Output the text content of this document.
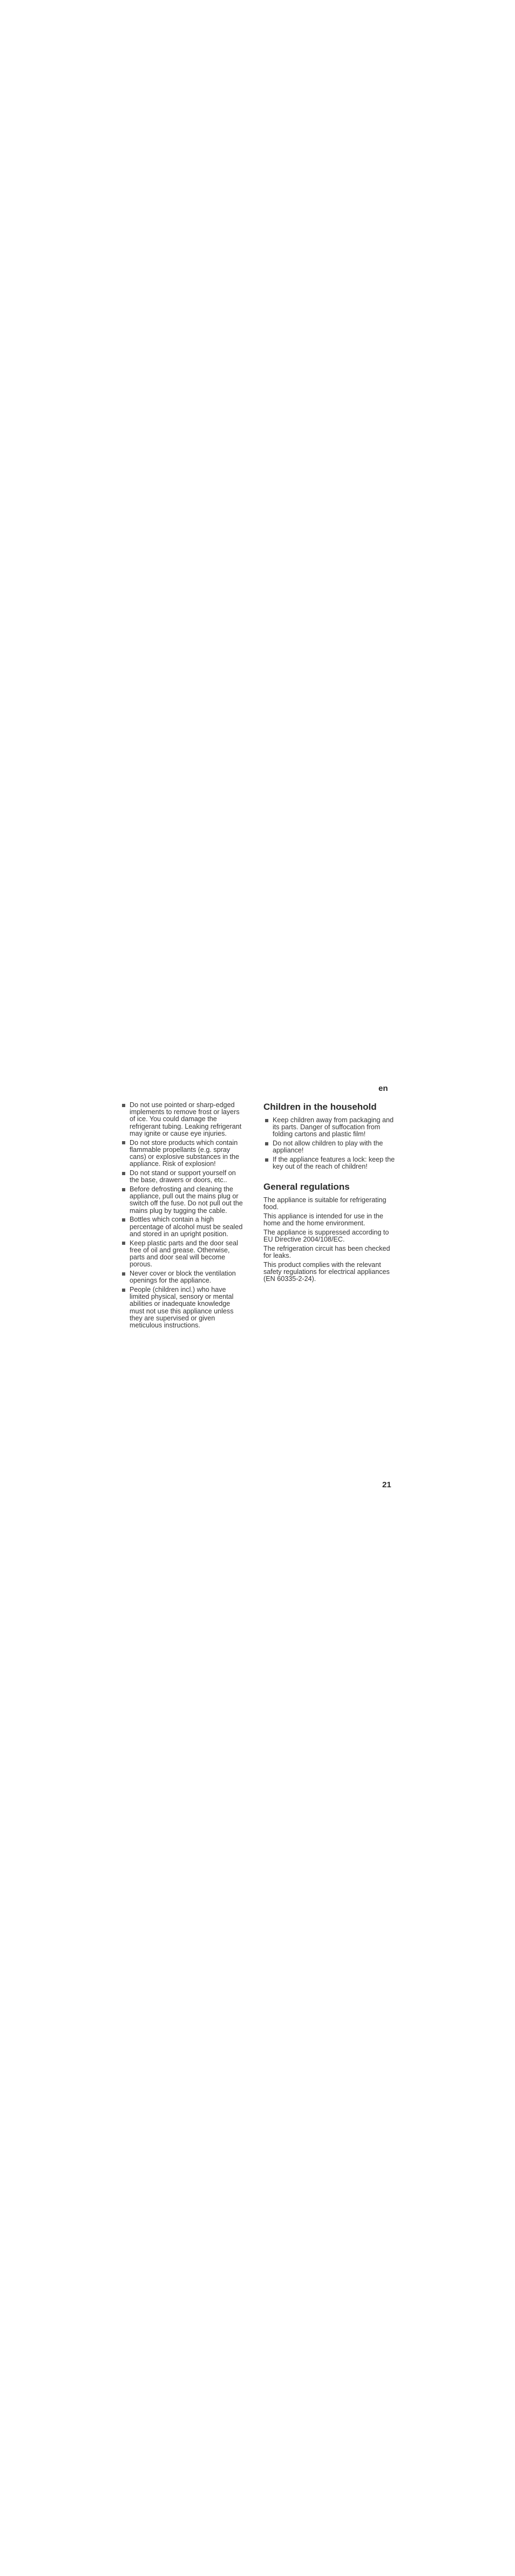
en
Do not use pointed or sharp-edged implements to remove frost or layers of ice. You could damage the refrigerant tubing. Leaking refrigerant may ignite or cause eye injuries.
Do not store products which contain flammable propellants (e.g. spray cans) or explosive substances in the appliance. Risk of explosion!
Do not stand or support yourself on the base, drawers or doors, etc..
Before defrosting and cleaning the appliance, pull out the mains plug or switch off the fuse. Do not pull out the mains plug by tugging the cable.
Bottles which contain a high percentage of alcohol must be sealed and stored in an upright position.
Keep plastic parts and the door seal free of oil and grease. Otherwise, parts and door seal will become porous.
Never cover or block the ventilation openings for the appliance.
People (children incl.) who have limited physical, sensory or mental abilities or inadequate knowledge must not use this appliance unless they are supervised or given meticulous instructions.
Children in the household
Keep children away from packaging and its parts. Danger of suffocation from folding cartons and plastic film!
Do not allow children to play with the appliance!
If the appliance features a lock: keep the key out of the reach of children!
General regulations

The appliance is suitable for refrigerating food.

This appliance is intended for use in the home and the home environment.

The appliance is suppressed according to EU Directive 2004/108/EC.

The refrigeration circuit has been checked for leaks.

This product complies with the relevant safety regulations for electrical appliances (EN 60335-2-24).

21
